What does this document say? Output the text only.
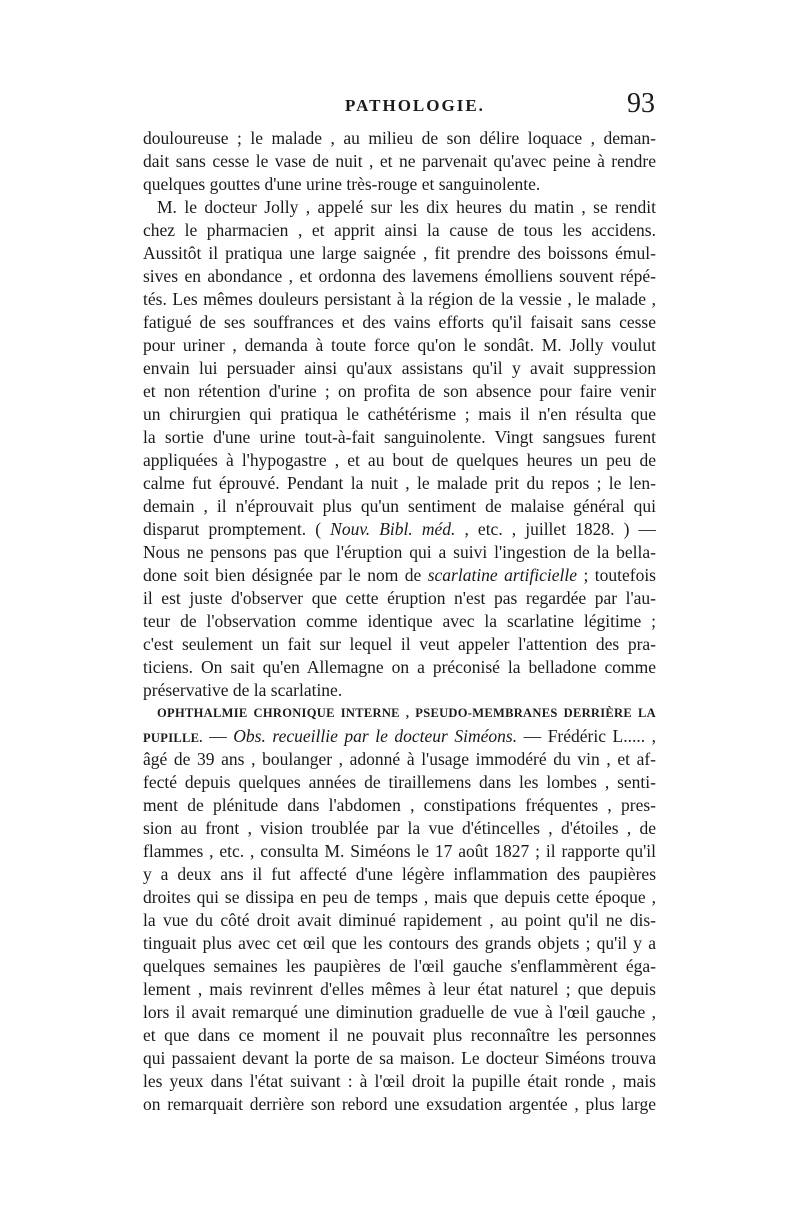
PATHOLOGIE.	93
douloureuse ; le malade , au milieu de son délire loquace , deman-
dait sans cesse le vase de nuit , et ne parvenait qu'avec peine à rendre
quelques gouttes d'une urine très-rouge et sanguinolente.
M. le docteur Jolly , appelé sur les dix heures du matin , se rendit
chez le pharmacien , et apprit ainsi la cause de tous les accidens.
Aussitôt il pratiqua une large saignée , fit prendre des boissons émul-
sives en abondance , et ordonna des lavemens émolliens souvent répé-
tés. Les mêmes douleurs persistant à la région de la vessie , le malade ,
fatigué de ses souffrances et des vains efforts qu'il faisait sans cesse
pour uriner , demanda à toute force qu'on le sondât. M. Jolly voulut
envain lui persuader ainsi qu'aux assistans qu'il y avait suppression
et non rétention d'urine ; on profita de son absence pour faire venir
un chirurgien qui pratiqua le cathétérisme ; mais il n'en résulta que
la sortie d'une urine tout-à-fait sanguinolente. Vingt sangsues furent
appliquées à l'hypogastre , et au bout de quelques heures un peu de
calme fut éprouvé. Pendant la nuit , le malade prit du repos ; le len-
demain , il n'éprouvait plus qu'un sentiment de malaise général qui
disparut promptement. ( Nouv. Bibl. méd. , etc. , juillet 1828. ) —
Nous ne pensons pas que l'éruption qui a suivi l'ingestion de la bella-
done soit bien désignée par le nom de scarlatine artificielle ; toutefois
il est juste d'observer que cette éruption n'est pas regardée par l'au-
teur de l'observation comme identique avec la scarlatine légitime ;
c'est seulement un fait sur lequel il veut appeler l'attention des pra-
ticiens. On sait qu'en Allemagne on a préconisé la belladone comme
préservative de la scarlatine.
OPHTHALMIE CHRONIQUE INTERNE , PSEUDO-MEMBRANES DERRIÈRE LA
PUPILLE. — Obs. recueillie par le docteur Siméons. — Frédéric L..... ,
âgé de 39 ans , boulanger , adonné à l'usage immodéré du vin , et af-
fecté depuis quelques années de tiraillemens dans les lombes , senti-
ment de plénitude dans l'abdomen , constipations fréquentes , pres-
sion au front , vision troublée par la vue d'étincelles , d'étoiles , de
flammes , etc. , consulta M. Siméons le 17 août 1827 ; il rapporte qu'il
y a deux ans il fut affecté d'une légère inflammation des paupières
droites qui se dissipa en peu de temps , mais que depuis cette époque ,
la vue du côté droit avait diminué rapidement , au point qu'il ne dis-
tinguait plus avec cet œil que les contours des grands objets ; qu'il y a
quelques semaines les paupières de l'œil gauche s'enflammèrent éga-
lement , mais revinrent d'elles mêmes à leur état naturel ; que depuis
lors il avait remarqué une diminution graduelle de vue à l'œil gauche ,
et que dans ce moment il ne pouvait plus reconnaître les personnes
qui passaient devant la porte de sa maison. Le docteur Siméons trouva
les yeux dans l'état suivant : à l'œil droit la pupille était ronde , mais
on remarquait derrière son rebord une exsudation argentée , plus large
